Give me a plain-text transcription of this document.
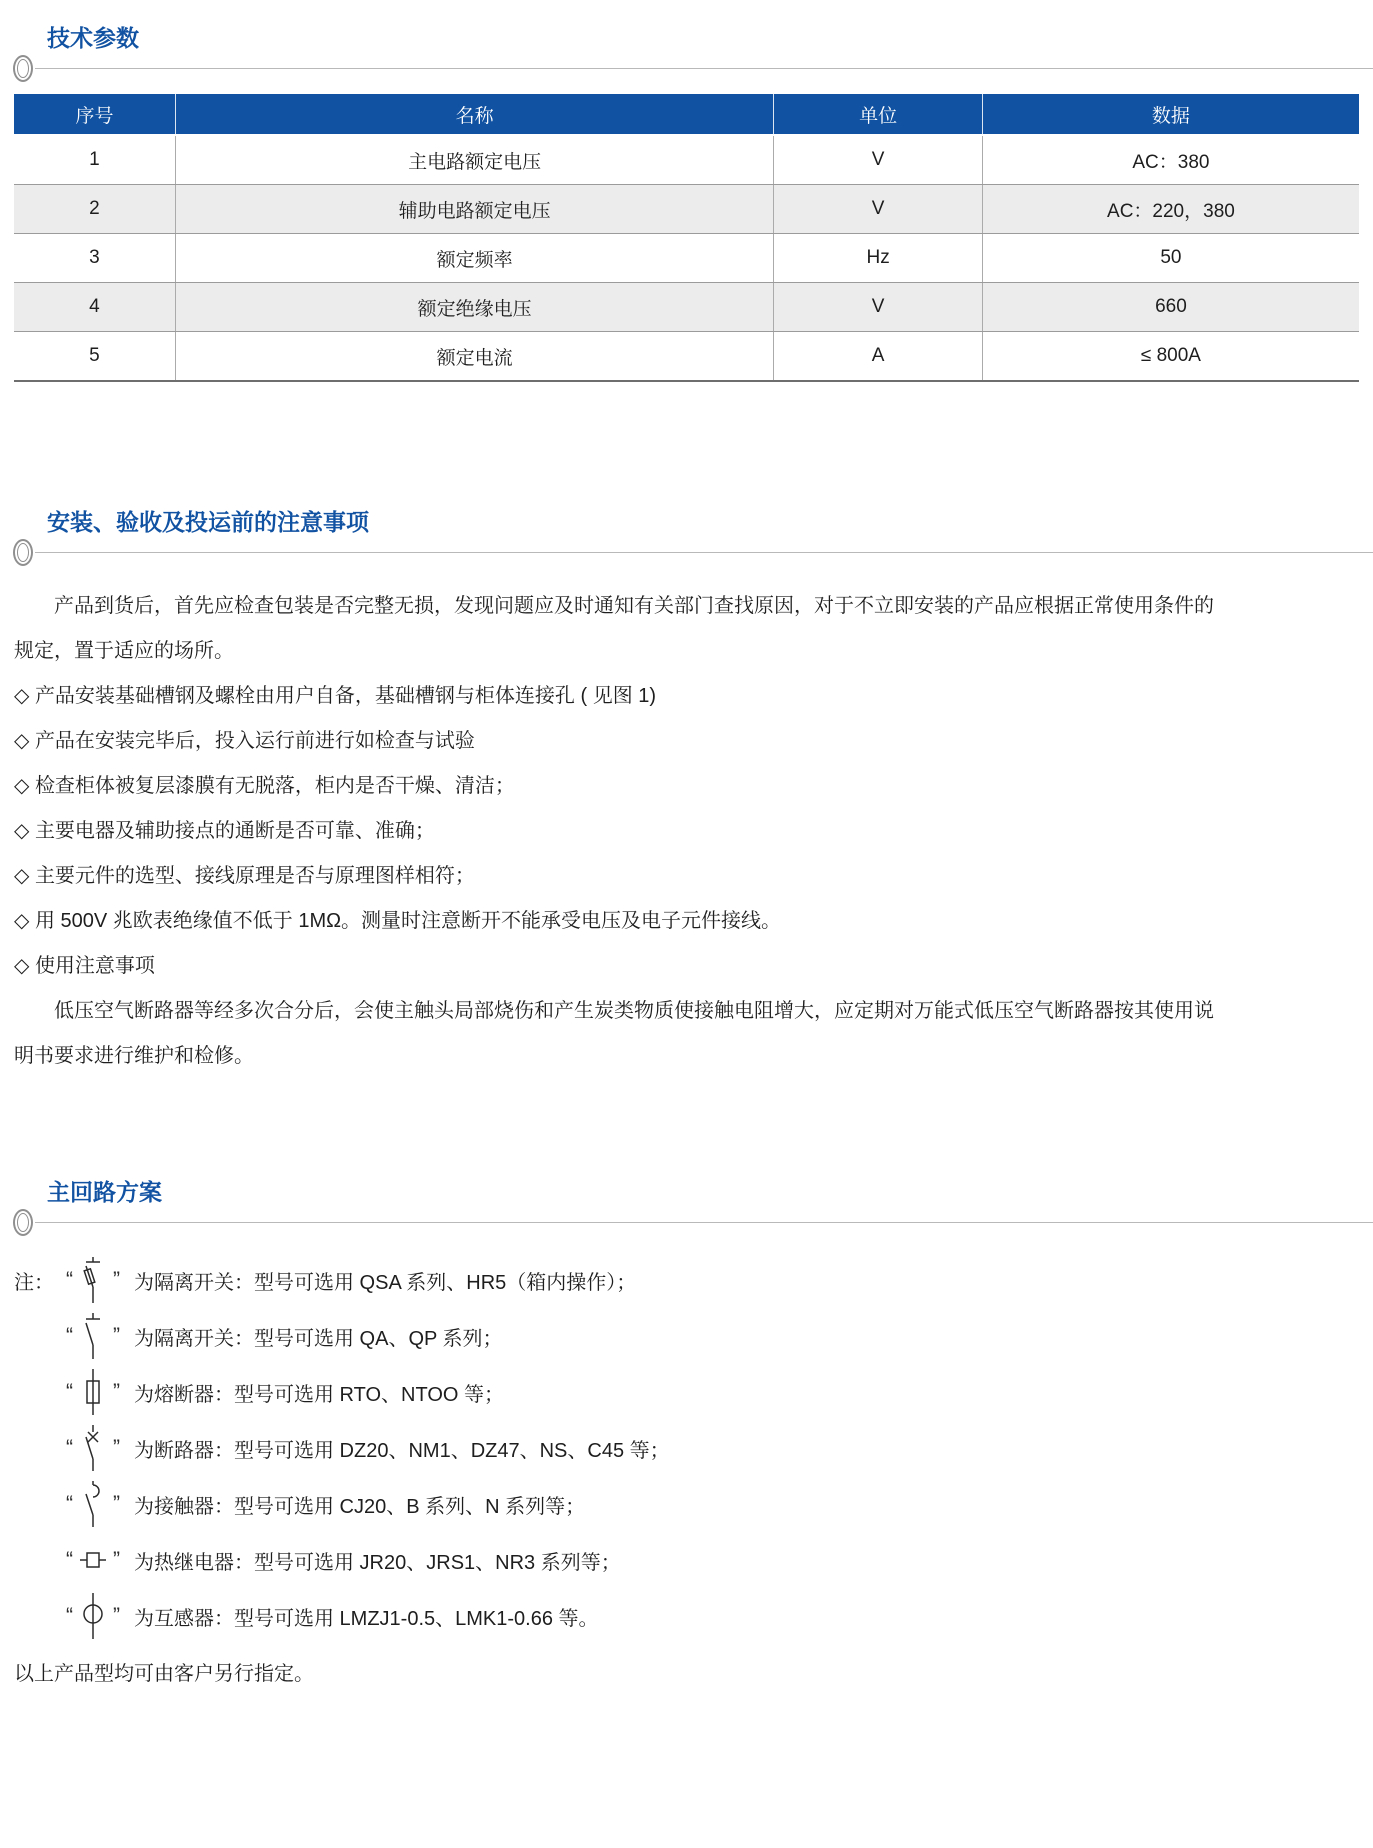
技术参数
序号	名称	单位	数据
1	主电路额定电压	V	AC：380
2	辅助电路额定电压	V	AC：220，380
3	额定频率	Hz	50
4	额定绝缘电压	V	660
5	额定电流	A	≤ 800A
安装、验收及投运前的注意事项
产品到货后，首先应检查包装是否完整无损，发现问题应及时通知有关部门查找原因，对于不立即安装的产品应根据正常使用条件的
规定，置于适应的场所。
◇ 产品安装基础槽钢及螺栓由用户自备，基础槽钢与柜体连接孔 ( 见图 1)
◇ 产品在安装完毕后，投入运行前进行如检查与试验
◇ 检查柜体被复层漆膜有无脱落，柜内是否干燥、清洁；
◇ 主要电器及辅助接点的通断是否可靠、准确；
◇ 主要元件的选型、接线原理是否与原理图样相符；
◇ 用 500V 兆欧表绝缘值不低于 1MΩ。测量时注意断开不能承受电压及电子元件接线。
◇ 使用注意事项
低压空气断路器等经多次合分后，会使主触头局部烧伤和产生炭类物质使接触电阻增大，应定期对万能式低压空气断路器按其使用说
明书要求进行维护和检修。
主回路方案
注： “ ” 为隔离开关：型号可选用 QSA 系列、HR5（箱内操作）；
“ ” 为隔离开关：型号可选用 QA、QP 系列；
“ ” 为熔断器：型号可选用 RTO、NTOO 等；
“ ” 为断路器：型号可选用 DZ20、NM1、DZ47、NS、C45 等；
“ ” 为接触器：型号可选用 CJ20、B 系列、N 系列等；
“ ” 为热继电器：型号可选用 JR20、JRS1、NR3 系列等；
“ ” 为互感器：型号可选用 LMZJ1-0.5、LMK1-0.66 等。
以上产品型均可由客户另行指定。
